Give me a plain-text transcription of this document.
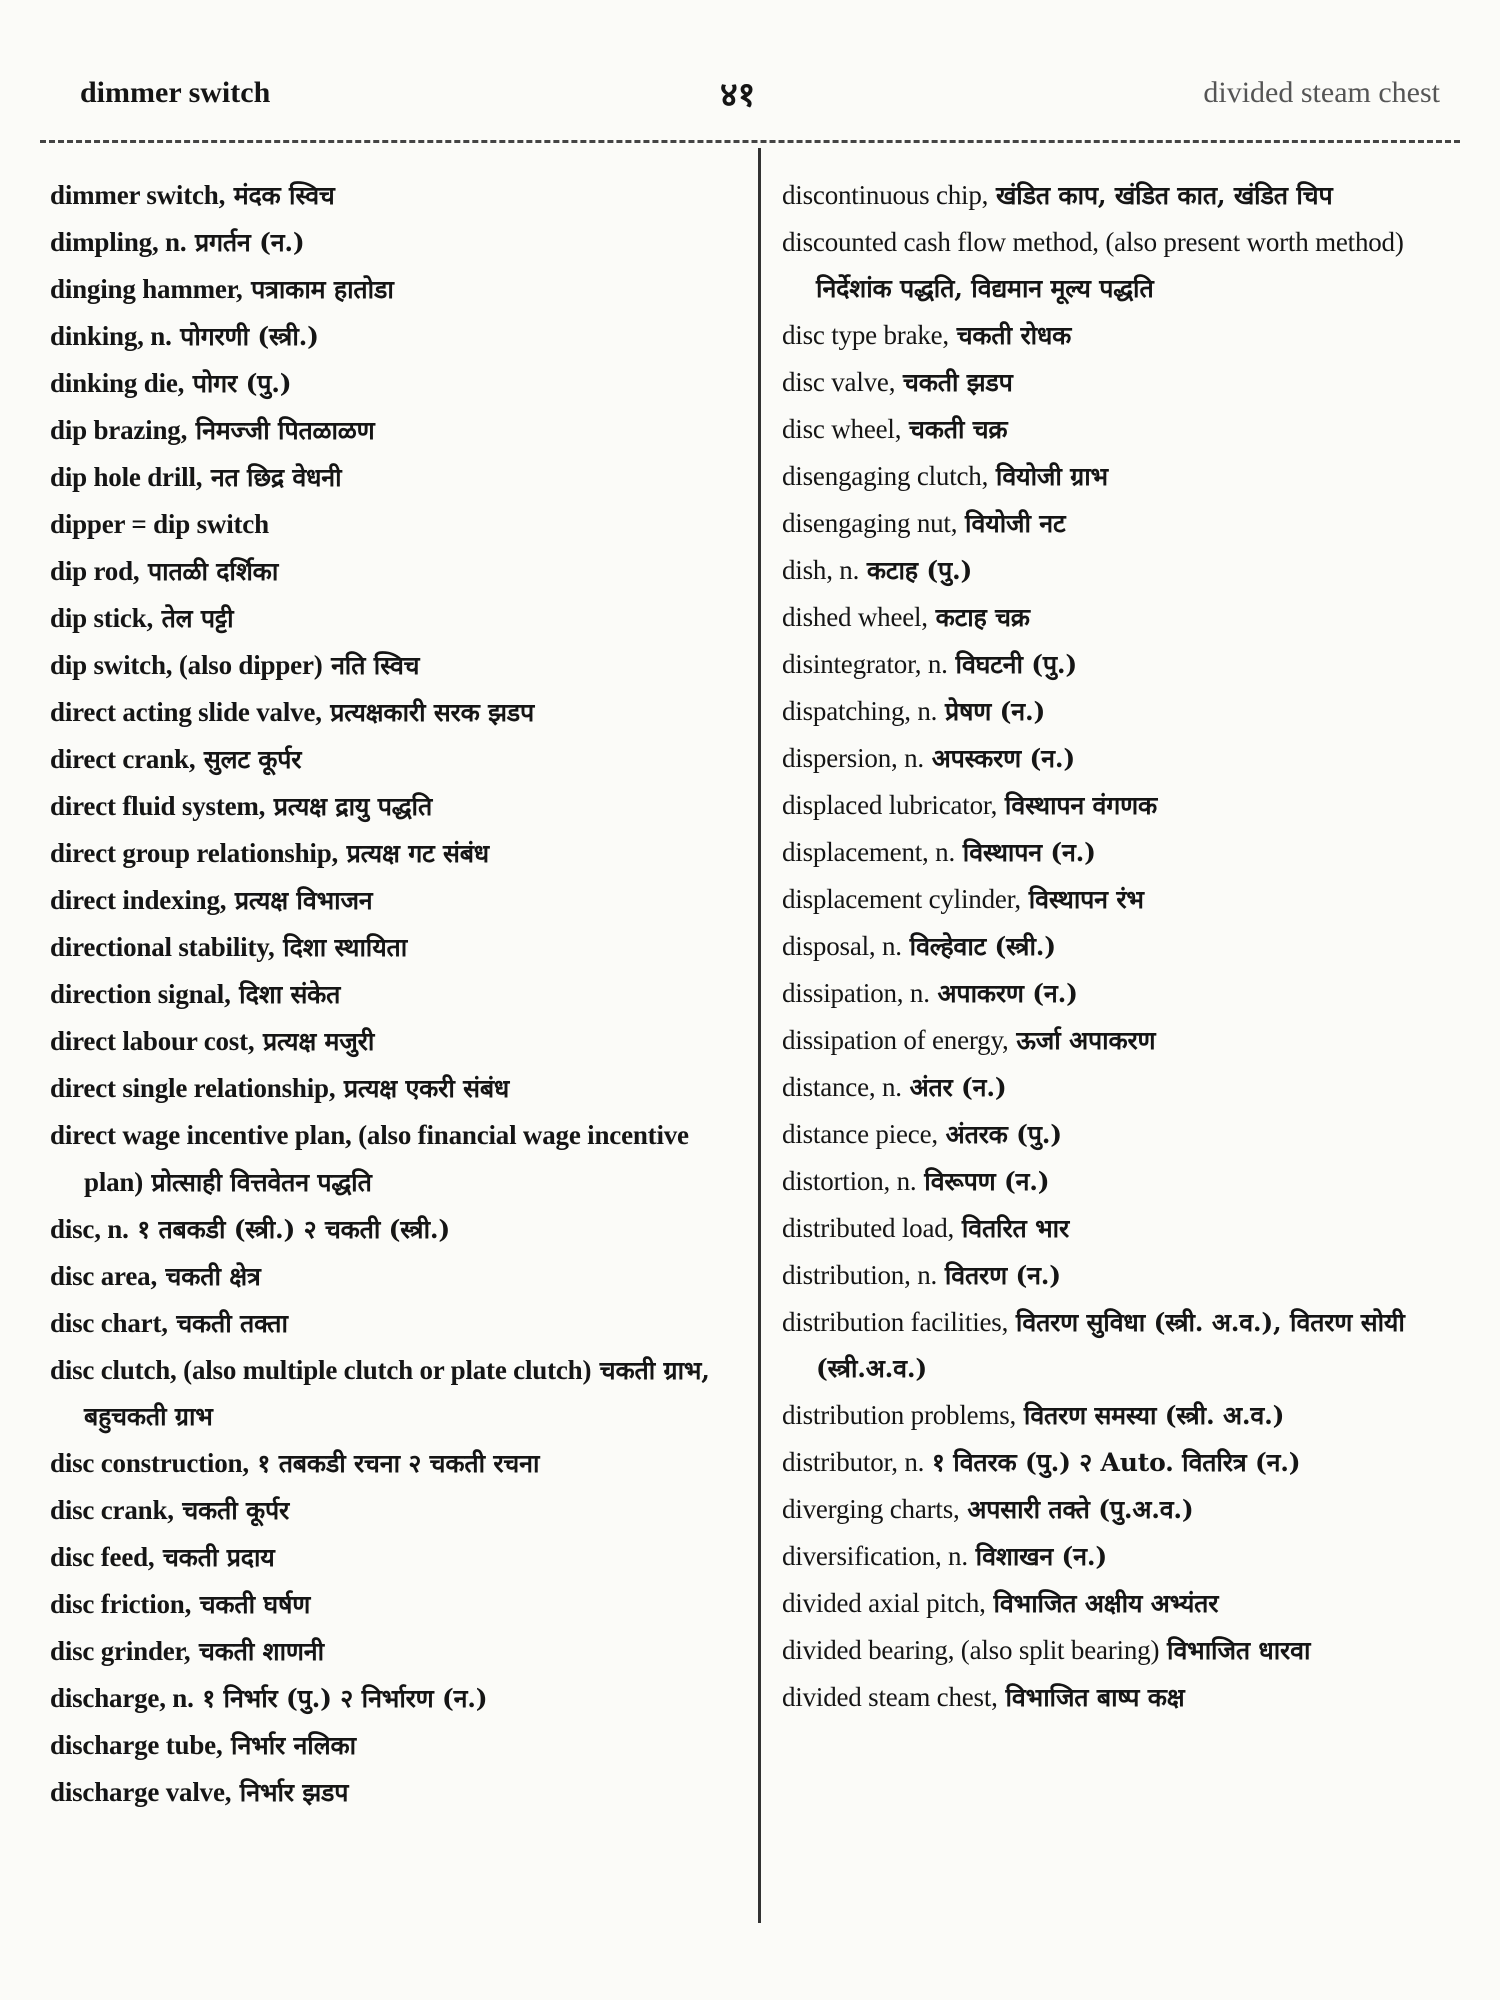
dimmer switch	४१	divided steam chest
dimmer switch, मंदक स्विच
dimpling, n. प्रगर्तन (न.)
dinging hammer, पत्राकाम हातोडा
dinking, n. पोगरणी (स्त्री.)
dinking die, पोगर (पु.)
dip brazing, निमज्जी पितळाळण
dip hole drill, नत छिद्र वेधनी
dipper = dip switch
dip rod, पातळी दर्शिका
dip stick, तेल पट्टी
dip switch, (also dipper) नति स्विच
direct acting slide valve, प्रत्यक्षकारी सरक झडप
direct crank, सुलट कूर्पर
direct fluid system, प्रत्यक्ष द्रायु पद्धति
direct group relationship, प्रत्यक्ष गट संबंध
direct indexing, प्रत्यक्ष विभाजन
directional stability, दिशा स्थायिता
direction signal, दिशा संकेत
direct labour cost, प्रत्यक्ष मजुरी
direct single relationship, प्रत्यक्ष एकरी संबंध
direct wage incentive plan, (also financial wage incentive plan) प्रोत्साही वित्तवेतन पद्धति
disc, n. १ तबकडी (स्त्री.) २ चकती (स्त्री.)
disc area, चकती क्षेत्र
disc chart, चकती तक्ता
disc clutch, (also multiple clutch or plate clutch) चकती ग्राभ, बहुचकती ग्राभ
disc construction, १ तबकडी रचना २ चकती रचना
disc crank, चकती कूर्पर
disc feed, चकती प्रदाय
disc friction, चकती घर्षण
disc grinder, चकती शाणनी
discharge, n. १ निर्भार (पु.) २ निर्भारण (न.)
discharge tube, निर्भार नलिका
discharge valve, निर्भार झडप
discontinuous chip, खंडित काप, खंडित कात, खंडित चिप
discounted cash flow method, (also present worth method) निर्देशांक पद्धति, विद्यमान मूल्य पद्धति
disc type brake, चकती रोधक
disc valve, चकती झडप
disc wheel, चकती चक्र
disengaging clutch, वियोजी ग्राभ
disengaging nut, वियोजी नट
dish, n. कटाह (पु.)
dished wheel, कटाह चक्र
disintegrator, n. विघटनी (पु.)
dispatching, n. प्रेषण (न.)
dispersion, n. अपस्करण (न.)
displaced lubricator, विस्थापन वंगणक
displacement, n. विस्थापन (न.)
displacement cylinder, विस्थापन रंभ
disposal, n. विल्हेवाट (स्त्री.)
dissipation, n. अपाकरण (न.)
dissipation of energy, ऊर्जा अपाकरण
distance, n. अंतर (न.)
distance piece, अंतरक (पु.)
distortion, n. विरूपण (न.)
distributed load, वितरित भार
distribution, n. वितरण (न.)
distribution facilities, वितरण सुविधा (स्त्री. अ.व.), वितरण सोयी (स्त्री.अ.व.)
distribution problems, वितरण समस्या (स्त्री. अ.व.)
distributor, n. १ वितरक (पु.) २ Auto. वितरित्र (न.)
diverging charts, अपसारी तक्ते (पु.अ.व.)
diversification, n. विशाखन (न.)
divided axial pitch, विभाजित अक्षीय अभ्यंतर
divided bearing, (also split bearing) विभाजित धारवा
divided steam chest, विभाजित बाष्प कक्ष
